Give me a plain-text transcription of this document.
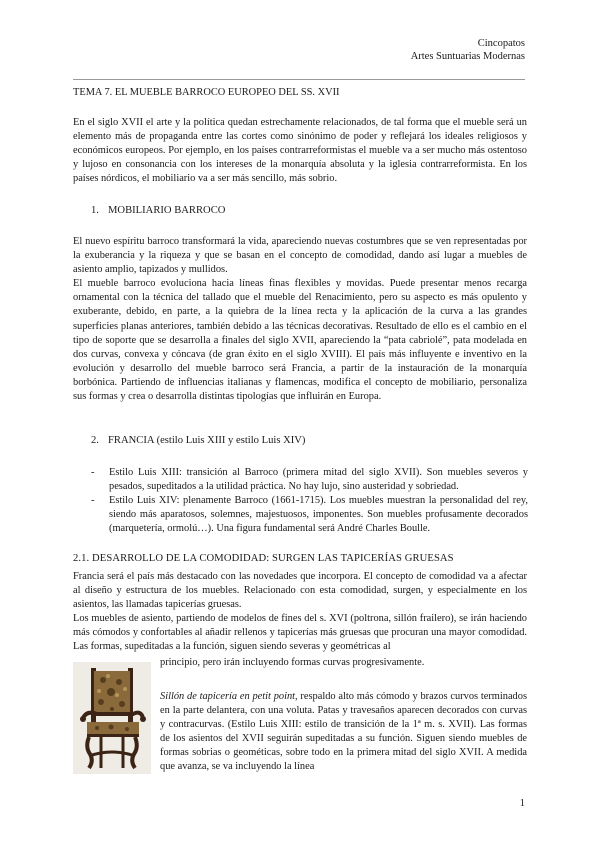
Cincopatos
Artes Suntuarias Modernas

TEMA 7. EL MUEBLE BARROCO EUROPEO DEL SS. XVII

En el siglo XVII el arte y la política quedan estrechamente relacionados, de tal forma que el mueble será un elemento más de propaganda entre las cortes como sinónimo de poder y reflejará los ideales religiosos y económicos europeos. Por ejemplo, en los países contrarreformistas el mueble va a ser mucho más ostentoso y lujoso en consonancia con los intereses de la monarquía absoluta y la iglesia contrarreformista. En los países nórdicos, el mobiliario va a ser más sencillo, más sobrio.

1. MOBILIARIO BARROCO

El nuevo espíritu barroco transformará la vida, apareciendo nuevas costumbres que se ven representadas por la exuberancia y la riqueza y que se basan en el concepto de comodidad, dando así lugar a muebles de asiento amplio, tapizados y mullidos.

El mueble barroco evoluciona hacia líneas finas flexibles y movidas. Puede presentar menos recarga ornamental con la técnica del tallado que el mueble del Renacimiento, pero su aspecto es más opulento y exuberante, debido, en parte, a la quiebra de la línea recta y la aplicación de la curva a las grandes superficies planas anteriores, también debido a las técnicas decorativas. Resultado de ello es el cambio en el tipo de soporte que se desarrolla a finales del siglo XVII, apareciendo la “pata cabriolé”, pata modelada en dos curvas, convexa y cóncava (de gran éxito en el siglo XVIII). El país más influyente e inventivo en la evolución y desarrollo del mueble barroco será Francia, a partir de la instauración de la monarquía borbónica. Partiendo de influencias italianas y flamencas, modifica el concepto de mobiliario, personaliza sus formas y crea o desarrolla distintas tipologías que influirán en Europa.

2. FRANCIA (estilo Luis XIII y estilo Luis XIV)
- Estilo Luis XIII: transición al Barroco (primera mitad del siglo XVII). Son muebles severos y pesados, supeditados a la utilidad práctica. No hay lujo, sino austeridad y sobriedad.
- Estilo Luis XIV: plenamente Barroco (1661-1715). Los muebles muestran la personalidad del rey, siendo más aparatosos, solemnes, majestuosos, imponentes. Son muebles profusamente decorados (marquetería, ormolú…). Una figura fundamental será André Charles Boulle.
2.1. DESARROLLO DE LA COMODIDAD: SURGEN LAS TAPICERÍAS GRUESAS

Francia será el país más destacado con las novedades que incorpora. El concepto de comodidad va a afectar al diseño y estructura de los muebles. Relacionado con esta comodidad, surgen, y especialmente en los asientos, las llamadas tapicerías gruesas.

Los muebles de asiento, partiendo de modelos de fines del s. XVI (poltrona, sillón frailero), se irán haciendo más cómodos y confortables al añadir rellenos y tapicerías más gruesas que procuran una mayor comodidad. Las formas, supeditadas a la función, siguen siendo severas y geométricas al

principio, pero irán incluyendo formas curvas progresivamente.

Sillón de tapicería en petit point, respaldo alto más cómodo y brazos curvos terminados en la parte delantera, con una voluta. Patas y travesaños aparecen decorados con curvas y contracurvas. (Estilo Luis XIII: estilo de transición de la 1ª m. s. XVII). Las formas de los asientos del XVII seguirán supeditadas a su función. Siguen siendo muebles de formas sobrias o geométicas, sobre todo en la primera mitad del siglo XVII. A medida que avanza, se va incluyendo la línea

1
